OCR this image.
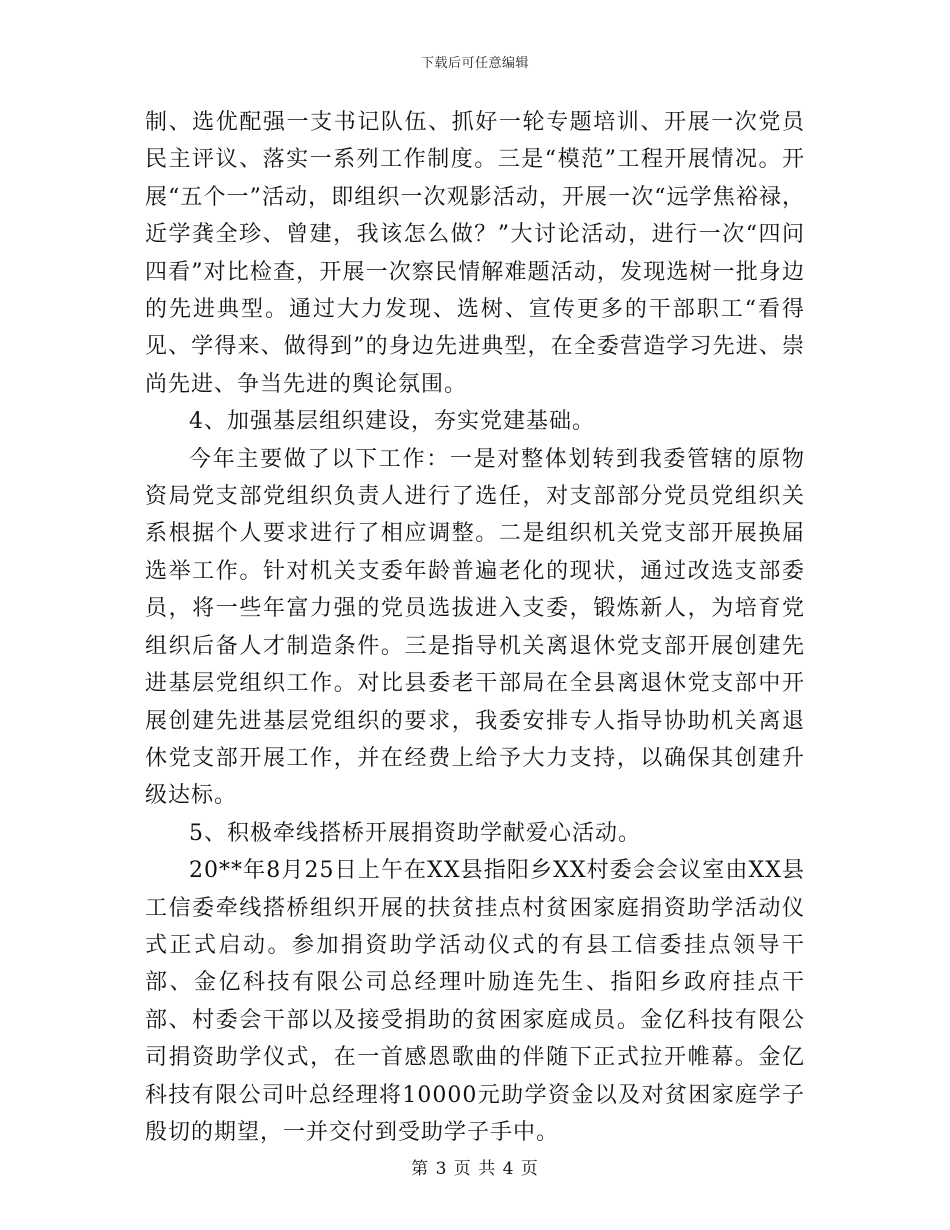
下载后可任意编辑

制、选优配强一支书记队伍、抓好一轮专题培训、开展一次党员民主评议、落实一系列工作制度。三是“模范”工程开展情况。开展“五个一”活动，即组织一次观影活动，开展一次“远学焦裕禄，近学龚全珍、曾建，我该怎么做？”大讨论活动，进行一次“四问四看”对比检查，开展一次察民情解难题活动，发现选树一批身边的先进典型。通过大力发现、选树、宣传更多的干部职工“看得见、学得来、做得到”的身边先进典型，在全委营造学习先进、崇尚先进、争当先进的舆论氛围。

4、加强基层组织建设，夯实党建基础。

今年主要做了以下工作：一是对整体划转到我委管辖的原物资局党支部党组织负责人进行了选任，对支部部分党员党组织关系根据个人要求进行了相应调整。二是组织机关党支部开展换届选举工作。针对机关支委年龄普遍老化的现状，通过改选支部委员，将一些年富力强的党员选拔进入支委，锻炼新人，为培育党组织后备人才制造条件。三是指导机关离退休党支部开展创建先进基层党组织工作。对比县委老干部局在全县离退休党支部中开展创建先进基层党组织的要求，我委安排专人指导协助机关离退休党支部开展工作，并在经费上给予大力支持，以确保其创建升级达标。

5、积极牵线搭桥开展捐资助学献爱心活动。

20**年8月25日上午在XX县指阳乡XX村委会会议室由XX县工信委牵线搭桥组织开展的扶贫挂点村贫困家庭捐资助学活动仪式正式启动。参加捐资助学活动仪式的有县工信委挂点领导干部、金亿科技有限公司总经理叶励连先生、指阳乡政府挂点干部、村委会干部以及接受捐助的贫困家庭成员。金亿科技有限公司捐资助学仪式，在一首感恩歌曲的伴随下正式拉开帷幕。金亿科技有限公司叶总经理将10000元助学资金以及对贫困家庭学子殷切的期望，一并交付到受助学子手中。

第 3 页 共 4 页
